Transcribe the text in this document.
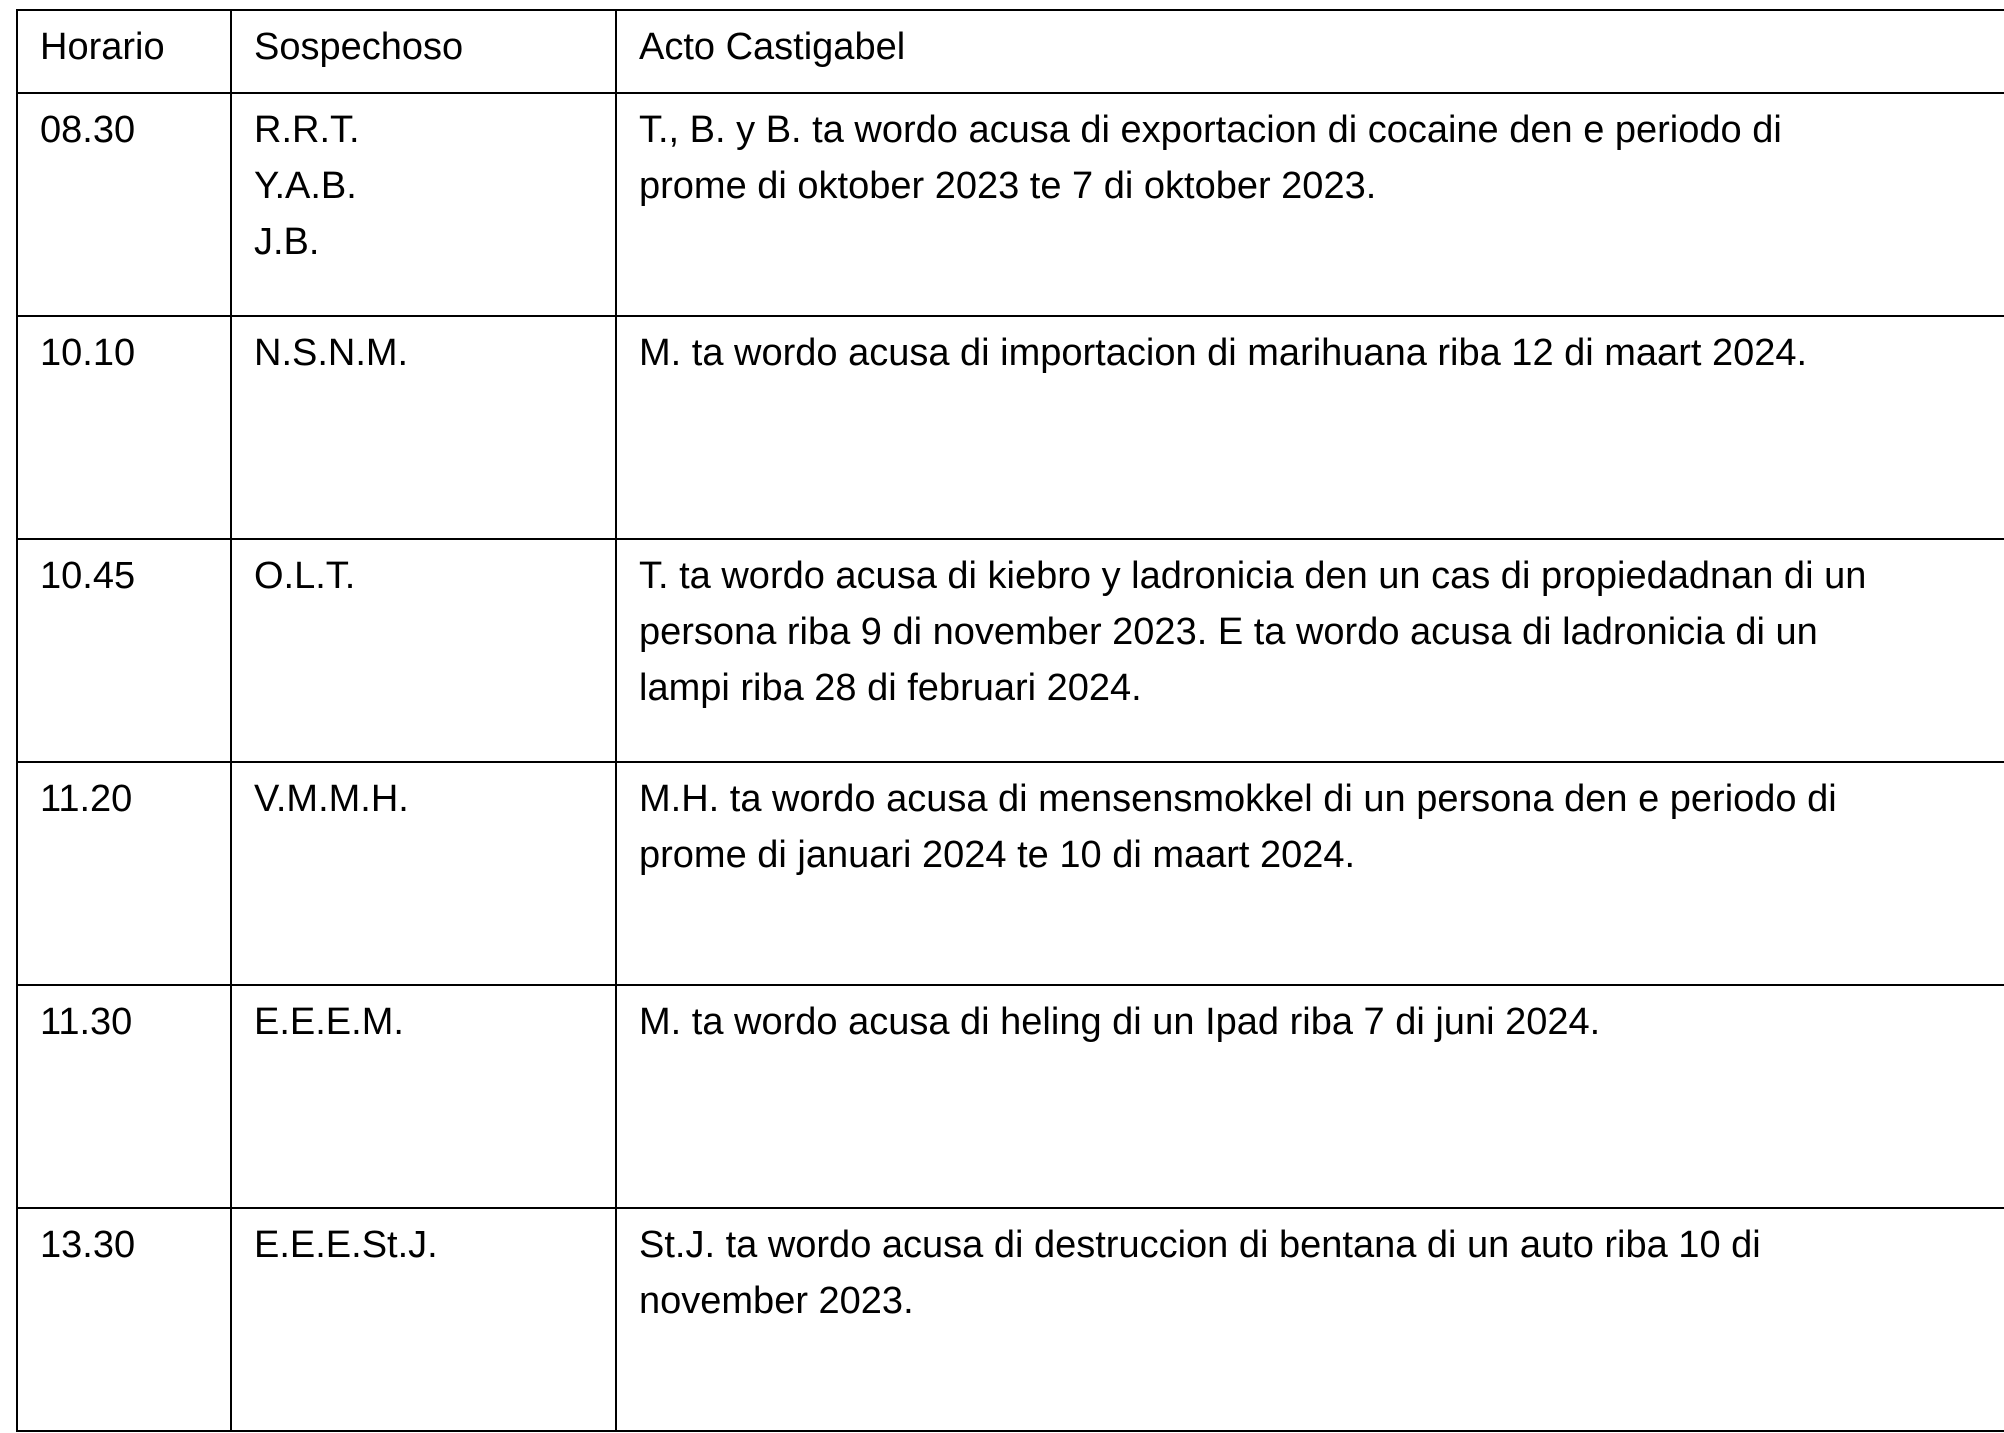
Horario	Sospechoso	Acto Castigabel
08.30	R.R.T.
Y.A.B.
J.B.	T., B. y B. ta wordo acusa di exportacion di cocaine den e periodo di
prome di oktober 2023 te 7 di oktober 2023.

10.10	N.S.N.M.	M. ta wordo acusa di importacion di marihuana riba 12 di maart 2024.

10.45	O.L.T.	T. ta wordo acusa di kiebro y ladronicia den un cas di propiedadnan di un
persona riba 9 di november 2023. E ta wordo acusa di ladronicia di un
lampi riba 28 di februari 2024.

11.20	V.M.M.H.	M.H. ta wordo acusa di mensensmokkel di un persona den e periodo di
prome di januari 2024 te 10 di maart 2024.

11.30	E.E.E.M.	M. ta wordo acusa di heling di un Ipad riba 7 di juni 2024.

13.30	E.E.E.St.J.	St.J. ta wordo acusa di destruccion di bentana di un auto riba 10 di
november 2023.
